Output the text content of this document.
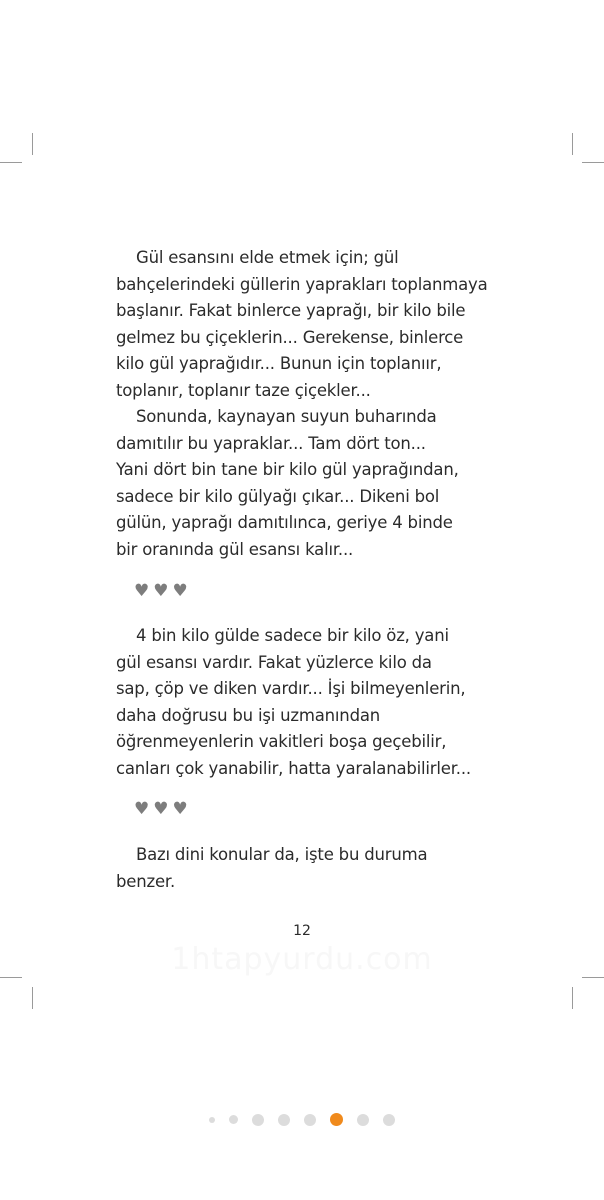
Gül esansını elde etmek için; gül
bahçelerindeki güllerin yaprakları toplanmaya
başlanır. Fakat binlerce yaprağı, bir kilo bile
gelmez bu çiçeklerin... Gerekense, binlerce
kilo gül yaprağıdır... Bunun için toplanıır,
toplanır, toplanır taze çiçekler...

Sonunda, kaynayan suyun buharında
damıtılır bu yapraklar... Tam dört ton...
Yani dört bin tane bir kilo gül yaprağından,
sadece bir kilo gülyağı çıkar... Dikeni bol
gülün, yaprağı damıtılınca, geriye 4 binde
bir oranında gül esansı kalır...

♥ ♥ ♥

4 bin kilo gülde sadece bir kilo öz, yani
gül esansı vardır. Fakat yüzlerce kilo da
sap, çöp ve diken vardır... İşi bilmeyenlerin,
daha doğrusu bu işi uzmanından
öğrenmeyenlerin vakitleri boşa geçebilir,
canları çok yanabilir, hatta yaralanabilirler...

♥ ♥ ♥

Bazı dini konular da, işte bu duruma
benzer.

12
1htapyurdu.com
